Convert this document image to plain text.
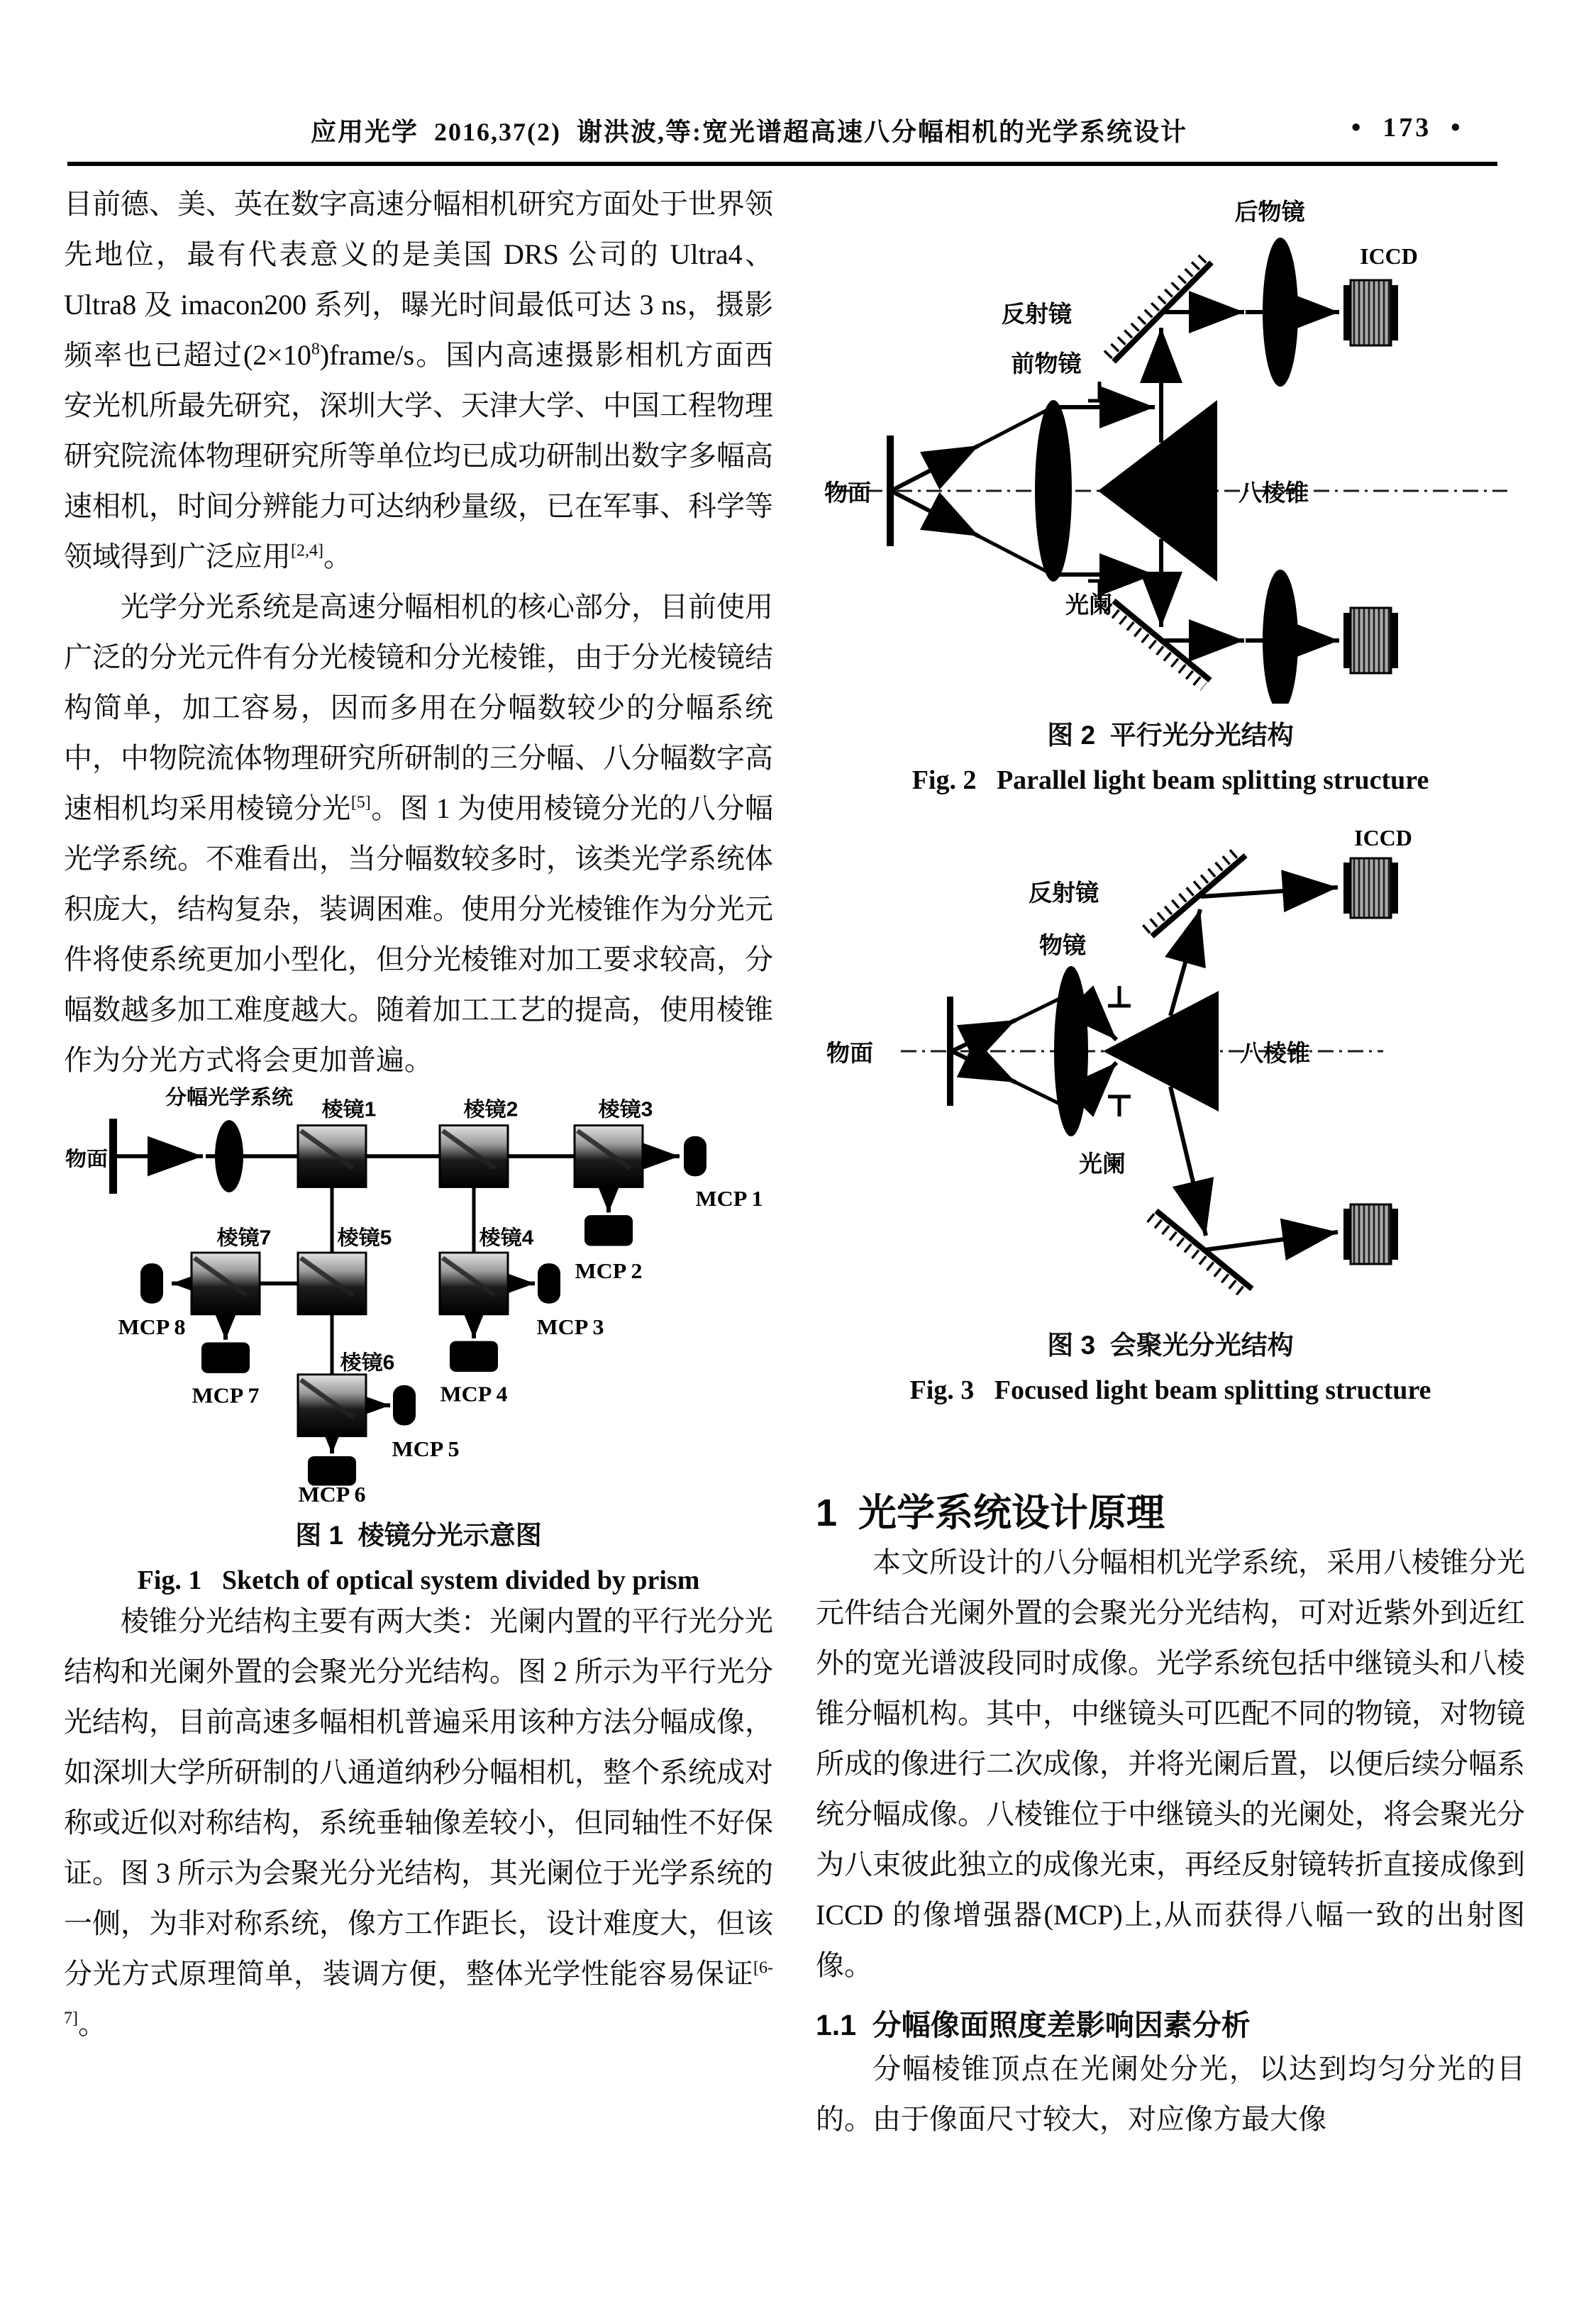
应用光学  2016,37(2)  谢洪波,等:宽光谱超高速八分幅相机的光学系统设计	•  173  •

目前德、美、英在数字高速分幅相机研究方面处于世界领先地位，最有代表意义的是美国 DRS 公司的 Ultra4、Ultra8 及 imacon200 系列，曝光时间最低可达 3 ns，摄影频率也已超过$(2\times 10^8)frame/s$。国内高速摄影相机方面西安光机所最先研究，深圳大学、天津大学、中国工程物理研究院流体物理研究所等单位均已成功研制出数字多幅高速相机，时间分辨能力可达纳秒量级，已在军事、科学等领域得到广泛应用[2,4]。

光学分光系统是高速分幅相机的核心部分，目前使用广泛的分光元件有分光棱镜和分光棱锥，由于分光棱镜结构简单，加工容易，因而多用在分幅数较少的分幅系统中，中物院流体物理研究所研制的三分幅、八分幅数字高速相机均采用棱镜分光[5]。图 1 为使用棱镜分光的八分幅光学系统。不难看出，当分幅数较多时，该类光学系统体积庞大，结构复杂，装调困难。使用分光棱锥作为分光元件将使系统更加小型化，但分光棱锥对加工要求较高，分幅数越多加工难度越大。随着加工工艺的提高，使用棱锥作为分光方式将会更加普遍。

物面
分幅光学系统
棱镜1	棱镜2	棱镜3
棱镜7	棱镜5	棱镜4
棱镜6
MCP 1
MCP 2
MCP 3
MCP 4
MCP 5
MCP 6
MCP 7
MCP 8
图 1  棱镜分光示意图
Fig. 1   Sketch of optical system divided by prism

棱锥分光结构主要有两大类：光阑内置的平行光分光结构和光阑外置的会聚光分光结构。图 2 所示为平行光分光结构，目前高速多幅相机普遍采用该种方法分幅成像，如深圳大学所研制的八通道纳秒分幅相机，整个系统成对称或近似对称结构，系统垂轴像差较小，但同轴性不好保证。图 3 所示为会聚光分光结构，其光阑位于光学系统的一侧，为非对称系统，像方工作距长，设计难度大，但该分光方式原理简单，装调方便，整体光学性能容易保证[6-7]。

物面
前物镜
反射镜
后物镜
ICCD
八棱锥
光阑
图 2  平行光分光结构
Fig. 2   Parallel light beam splitting structure
ICCD
反射镜
物镜
物面	八棱锥
光阑
图 3  会聚光分光结构
Fig. 3   Focused light beam splitting structure
1  光学系统设计原理

本文所设计的八分幅相机光学系统，采用八棱锥分光元件结合光阑外置的会聚光分光结构，可对近紫外到近红外的宽光谱波段同时成像。光学系统包括中继镜头和八棱锥分幅机构。其中，中继镜头可匹配不同的物镜，对物镜所成的像进行二次成像，并将光阑后置，以便后续分幅系统分幅成像。八棱锥位于中继镜头的光阑处，将会聚光分为八束彼此独立的成像光束，再经反射镜转折直接成像到 ICCD 的像增强器(MCP)上,从而获得八幅一致的出射图像。

1.1  分幅像面照度差影响因素分析

分幅棱锥顶点在光阑处分光，以达到均匀分光的目的。由于像面尺寸较大，对应像方最大像
